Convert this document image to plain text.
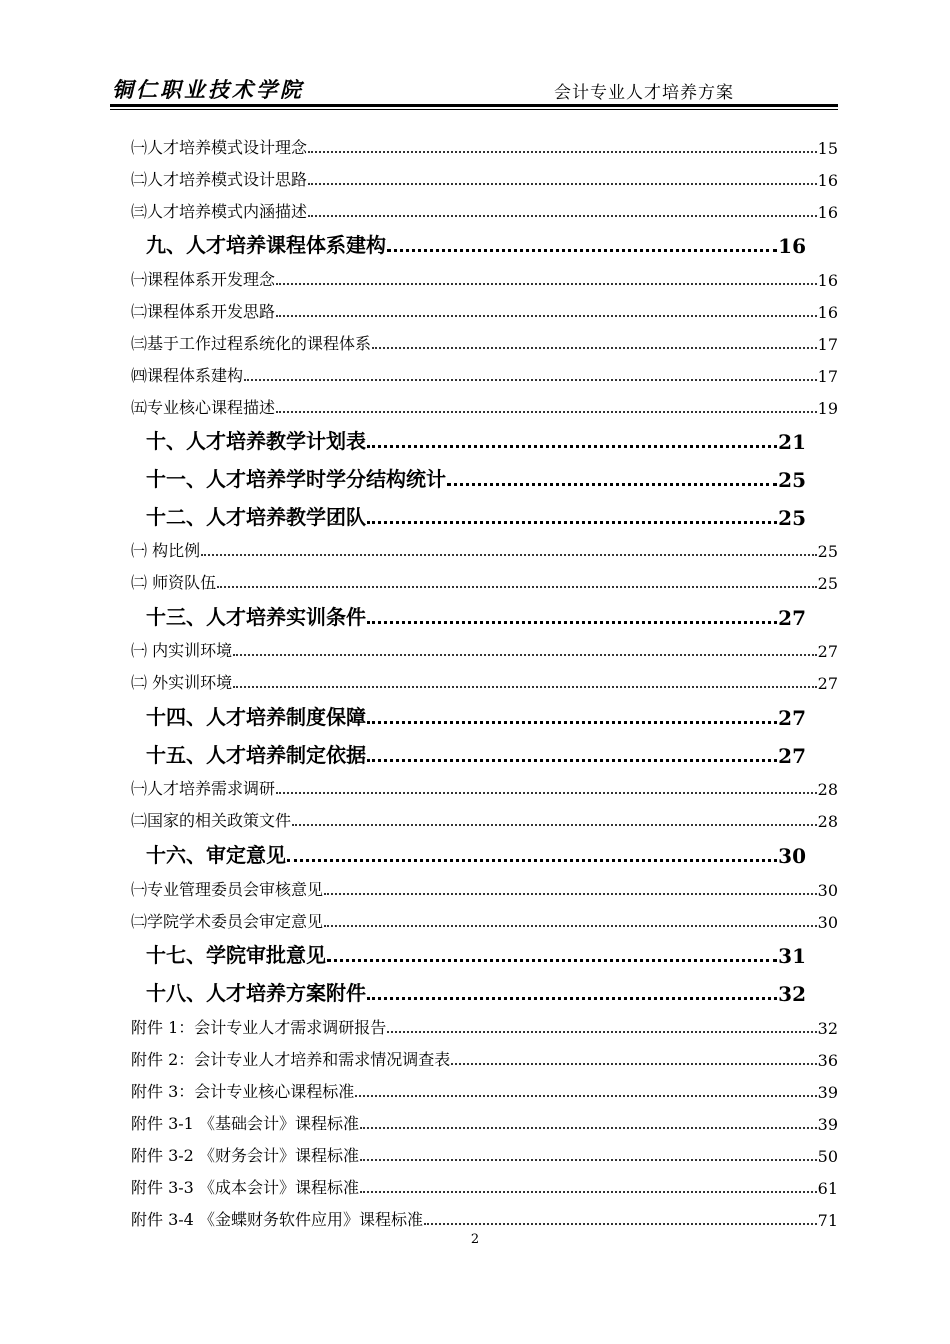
铜仁职业技术学院	会计专业人才培养方案
㈠人才培养模式设计理念	15
㈡人才培养模式设计思路	16
㈢人才培养模式内涵描述	16
九、人才培养课程体系建构	16
㈠课程体系开发理念	16
㈡课程体系开发思路	16
㈢基于工作过程系统化的课程体系	17
㈣课程体系建构	17
㈤专业核心课程描述	19
十、人才培养教学计划表	21
十一、人才培养学时学分结构统计	25
十二、人才培养教学团队	25
㈠ 构比例	25
㈡ 师资队伍	25
十三、人才培养实训条件	27
㈠ 内实训环境	27
㈡ 外实训环境	27
十四、人才培养制度保障	27
十五、人才培养制定依据	27
㈠人才培养需求调研	28
㈡国家的相关政策文件	28
十六、审定意见	30
㈠专业管理委员会审核意见	30
㈡学院学术委员会审定意见	30
十七、学院审批意见	31
十八、人才培养方案附件	32
附件 1：会计专业人才需求调研报告	32
附件 2：会计专业人才培养和需求情况调查表	36
附件 3：会计专业核心课程标准	39
附件 3-1 《基础会计》课程标准	39
附件 3-2 《财务会计》课程标准	50
附件 3-3 《成本会计》课程标准	61
附件 3-4 《金蝶财务软件应用》课程标准	71
2
